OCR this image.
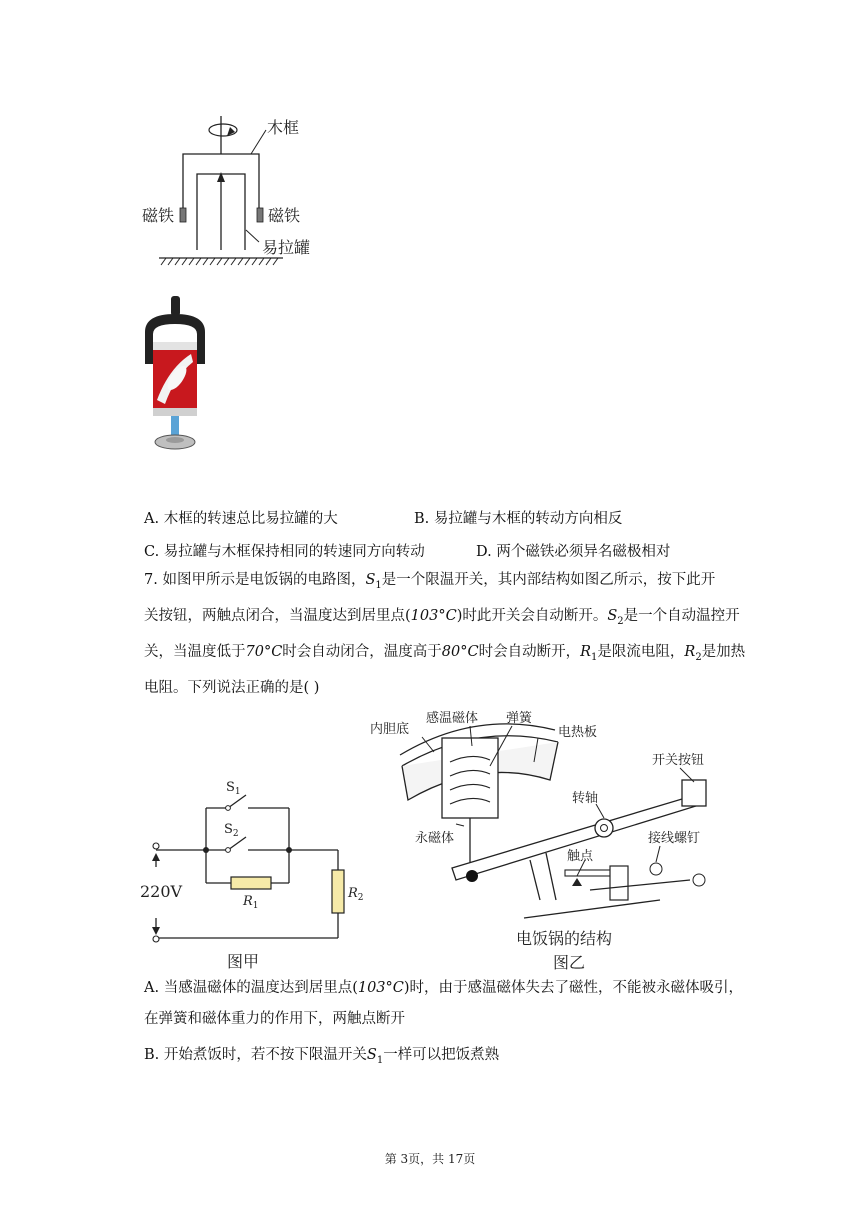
木框
磁铁	磁铁
易拉罐
A. 木框的转速总比易拉罐的大	B. 易拉罐与木框的转动方向相反
C. 易拉罐与木框保持相同的转速同方向转动	D. 两个磁铁必须异名磁极相对
7. 如图甲所示是电饭锅的电路图，$S_1$是一个限温开关，其内部结构如图乙所示，按下此开
关按钮，两触点闭合，当温度达到居里点(103°C)时此开关会自动断开。$S_2$是一个自动温控开
关，当温度低于70°C时会自动闭合，温度高于80°C时会自动断开，$R_1$是限流电阻，$R_2$是加热
电阻。下列说法正确的是( )
$S_1$
$S_2$
220V
$R_1$
$R_2$
图甲
内胆底
感温磁体 弹簧
电热板
开关按钮
转轴
接线螺钉
触点
永磁体
电饭锅的结构
图乙
A. 当感温磁体的温度达到居里点(103°C)时，由于感温磁体失去了磁性，不能被永磁体吸引，
在弹簧和磁体重力的作用下，两触点断开
B. 开始煮饭时，若不按下限温开关$S_1$一样可以把饭煮熟
第 3页，共 17页
